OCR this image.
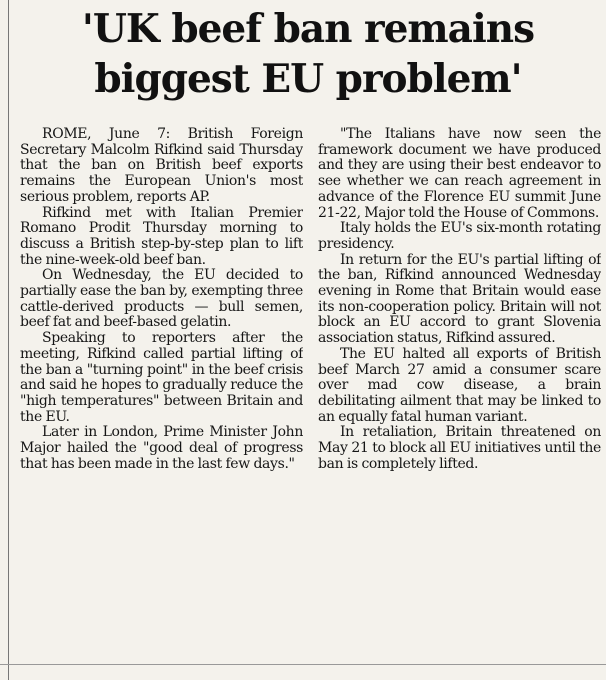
'UK beef ban remains biggest EU problem'

ROME, June 7: British Foreign Secretary Malcolm Rifkind said Thursday that the ban on British beef exports remains the European Union's most serious problem, reports AP.

Rifkind met with Italian Premier Romano Prodit Thursday morning to discuss a British step-by-step plan to lift the nine-week-old beef ban.

On Wednesday, the EU decided to partially ease the ban by, exempting three cattle-derived products — bull semen, beef fat and beef-based gelatin.

Speaking to reporters after the meeting, Rifkind called partial lifting of the ban a "turning point" in the beef crisis and said he hopes to gradually reduce the "high temperatures" between Britain and the EU.

Later in London, Prime Minister John Major hailed the "good deal of progress that has been made in the last few days."

"The Italians have now seen the framework document we have produced and they are using their best endeavor to see whether we can reach agreement in advance of the Florence EU summit June 21-22, Major told the House of Commons.

Italy holds the EU's six-month rotating presidency.

In return for the EU's partial lifting of the ban, Rifkind announced Wednesday evening in Rome that Britain would ease its non-cooperation policy. Britain will not block an EU accord to grant Slovenia association status, Rifkind assured.

The EU halted all exports of British beef March 27 amid a consumer scare over mad cow disease, a brain debilitating ailment that may be linked to an equally fatal human variant.

In retaliation, Britain threatened on May 21 to block all EU initiatives until the ban is completely lifted.
